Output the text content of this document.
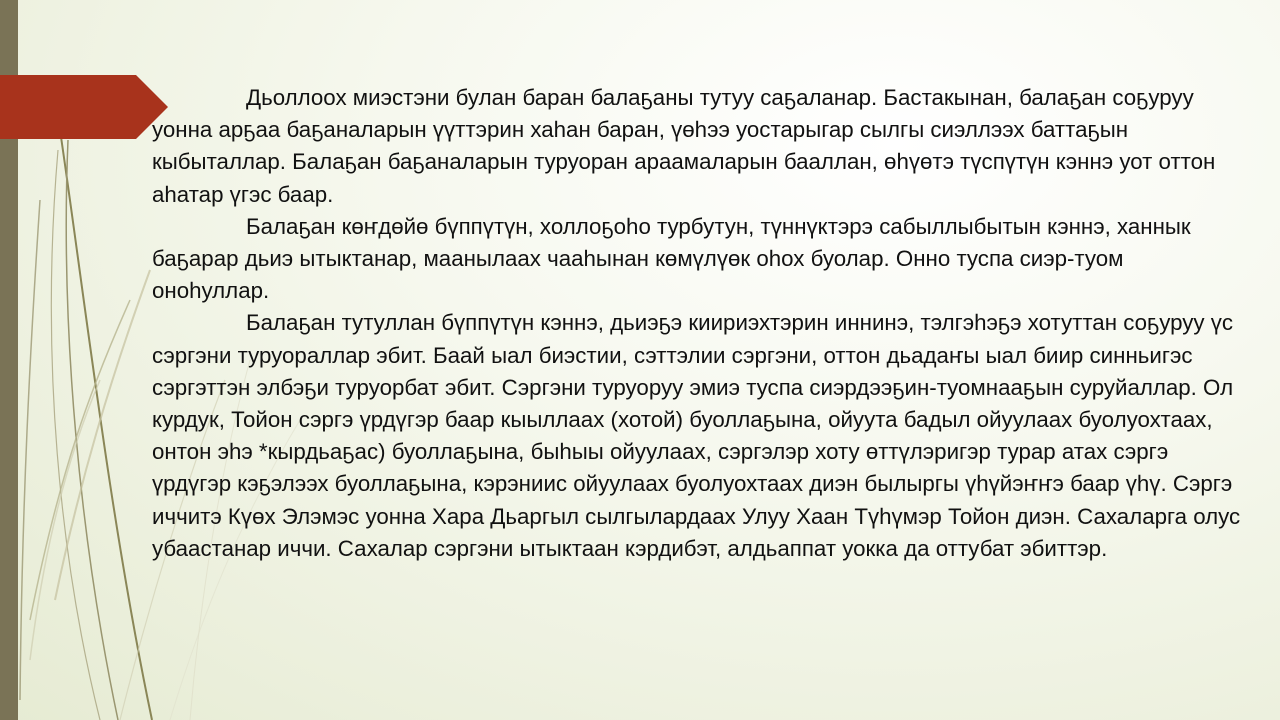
Дьоллоох миэстэни булан баран балаҕаны тутуу саҕаланар. Бастакынан, балаҕан соҕуруу уонна арҕаа баҕаналарын үүттэрин хаһан баран, үөһээ уостарыгар сылгы сиэллээх баттаҕын кыбыталлар. Балаҕан баҕаналарын туруоран араамаларын бааллан, өһүөтэ түспүтүн кэннэ уот оттон аһатар үгэс баар.

Балаҕан көҥдөйө бүппүтүн, холлоҕоһо турбутун, түннүктэрэ сабыллыбытын кэннэ, ханнык баҕарар дьиэ ытыктанар, маанылаах чааһынан көмүлүөк оһох буолар. Онно туспа сиэр-туом оноһуллар.

Балаҕан тутуллан бүппүтүн кэннэ, дьиэҕэ киириэхтэрин иннинэ, тэлгэһэҕэ хотуттан соҕуруу үс сэргэни туруораллар эбит. Баай ыал биэстии, сэттэлии сэргэни, оттон дьадаҥы ыал биир синньигэс сэргэттэн элбэҕи туруорбат эбит. Сэргэни туруоруу эмиэ туспа сиэрдээҕин-туомнааҕын суруйаллар. Ол курдук, Тойон сэргэ үрдүгэр баар кыыллаах (хотой) буоллаҕына, ойуута бадыл ойуулаах буолуохтаах, онтон эһэ *кырдьаҕас) буоллаҕына, быһыы ойуулаах, сэргэлэр хоту өттүлэригэр турар атах сэргэ үрдүгэр кэҕэлээх буоллаҕына, кэрэниис ойуулаах буолуохтаах диэн былыргы үһүйэҥҥэ баар үһү. Сэргэ иччитэ Күөх Элэмэс уонна Хара Дьаргыл сылгылардаах Улуу Хаан Түһүмэр Тойон диэн. Сахаларга олус убаастанар иччи. Сахалар сэргэни ытыктаан кэрдибэт, алдьаппат уокка да оттубат эбиттэр.
